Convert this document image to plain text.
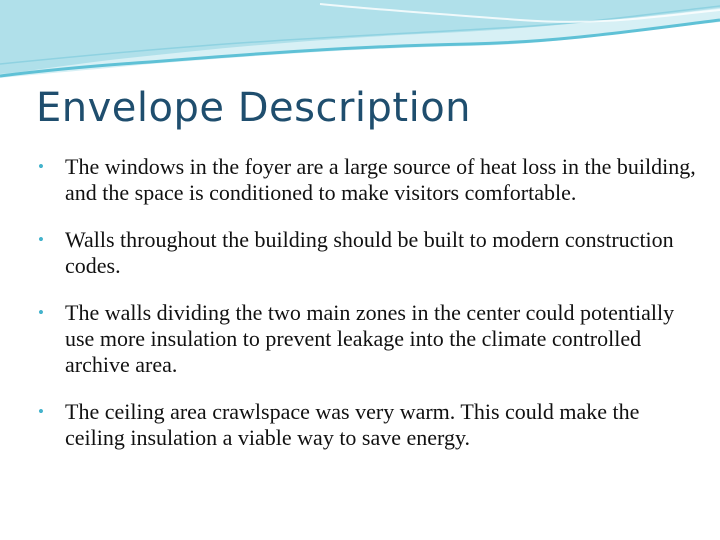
Envelope Description
• The windows in the foyer are a large source of heat loss in the building, and the space is conditioned to make visitors comfortable.
• Walls throughout the building should be built to modern construction codes.
• The walls dividing the two main zones in the center could potentially use more insulation to prevent leakage into the climate controlled archive area.
• The ceiling area crawlspace was very warm. This could make the ceiling insulation a viable way to save energy.
